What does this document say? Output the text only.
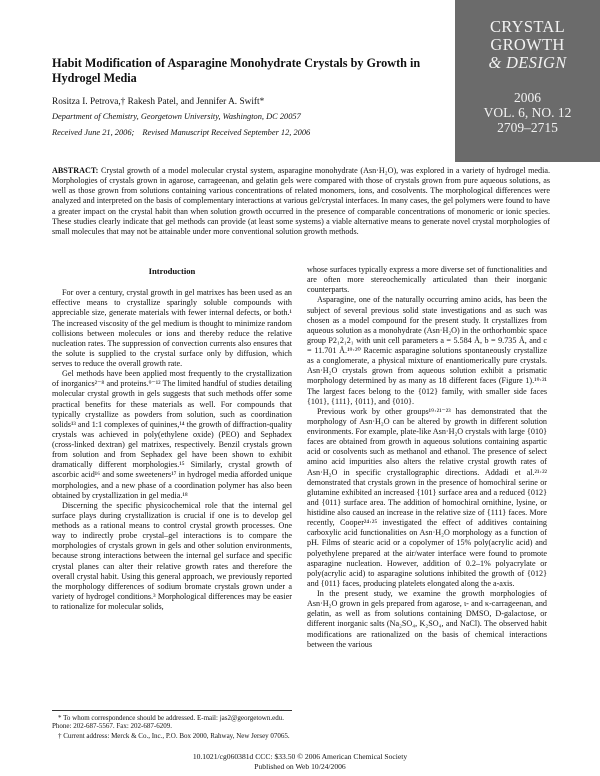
CRYSTAL
GROWTH
& DESIGN
2006
VOL. 6, NO. 12
2709–2715
Habit Modification of Asparagine Monohydrate Crystals by Growth in Hydrogel Media
Rositza I. Petrova,† Rakesh Patel, and Jennifer A. Swift*
Department of Chemistry, Georgetown University, Washington, DC 20057
Received June 21, 2006; Revised Manuscript Received September 12, 2006
ABSTRACT: Crystal growth of a model molecular crystal system, asparagine monohydrate (Asn·H₂O), was explored in a variety of hydrogel media. Morphologies of crystals grown in agarose, carrageenan, and gelatin gels were compared with those of crystals grown from pure aqueous solutions, as well as those grown from solutions containing various concentrations of related monomers, ions, and cosolvents. The morphological differences were analyzed and interpreted on the basis of complementary interactions at various gel/crystal interfaces. In many cases, the gel polymers were found to have a greater impact on the crystal habit than when solution growth occurred in the presence of comparable concentrations of monomeric or ionic species. These studies clearly indicate that gel methods can provide (at least some systems) a viable alternative means to generate novel crystal morphologies of small molecules that may not be attainable under more conventional solution growth methods.
Introduction

For over a century, crystal growth in gel matrixes has been used as an effective means to crystallize sparingly soluble compounds with appreciable size, generate materials with fewer internal defects, or both.¹ The increased viscosity of the gel medium is thought to minimize random collisions between molecules or ions and thereby reduce the relative nucleation rates. The suppression of convection currents also ensures that the solute is supplied to the crystal surface only by diffusion, which serves to reduce the overall growth rate.

Gel methods have been applied most frequently to the crystallization of inorganics²⁻⁸ and proteins.⁹⁻¹² The limited handful of studies detailing molecular crystal growth in gels suggests that such methods offer some practical benefits for these materials as well. For compounds that typically crystallize as powders from solution, such as coordination solids¹³ and 1:1 complexes of quinines,¹⁴ the growth of diffraction-quality crystals was achieved in poly(ethylene oxide) (PEO) and Sephadex (cross-linked dextran) gel matrixes, respectively. Benzil crystals grown from solution and from Sephadex gel have been shown to exhibit dramatically different morphologies.¹⁵ Similarly, crystal growth of ascorbic acid¹⁶ and some sweeteners¹⁷ in hydrogel media afforded unique morphologies, and a new phase of a coordination polymer has also been obtained by crystallization in gel media.¹⁸

Discerning the specific physicochemical role that the internal gel surface plays during crystallization is crucial if one is to develop gel methods as a rational means to control crystal growth processes. One way to indirectly probe crystal–gel interactions is to compare the morphologies of crystals grown in gels and other solution environments, because strong interactions between the internal gel surface and specific crystal planes can alter their relative growth rates and therefore the overall crystal habit. Using this general approach, we previously reported the morphology differences of sodium bromate crystals grown under a variety of hydrogel conditions.³ Morphological differences may be easier to rationalize for molecular solids,

whose surfaces typically express a more diverse set of functionalities and are often more stereochemically articulated than their inorganic counterparts.

Asparagine, one of the naturally occurring amino acids, has been the subject of several previous solid state investigations and as such was chosen as a model compound for the present study. It crystallizes from aqueous solution as a monohydrate (Asn·H₂O) in the orthorhombic space group P2₁2₁2₁ with unit cell parameters a = 5.584 Å, b = 9.735 Å, and c = 11.701 Å.¹⁹·²⁰ Racemic asparagine solutions spontaneously crystallize as a conglomerate, a physical mixture of enantiomerically pure crystals. Asn·H₂O crystals grown from aqueous solution exhibit a prismatic morphology determined by as many as 18 different faces (Figure 1).¹⁹·²¹ The largest faces belong to the {012} family, with smaller side faces {101}, {111}, {011}, and {010}.

Previous work by other groups¹⁹·²¹⁻²³ has demonstrated that the morphology of Asn·H₂O can be altered by growth in different solution environments. For example, plate-like Asn·H₂O crystals with large {010} faces are obtained from growth in aqueous solutions containing aspartic acid or cosolvents such as methanol and ethanol. The presence of select amino acid impurities also alters the relative crystal growth rates of Asn·H₂O in specific crystallographic directions. Addadi et al.²¹·²² demonstrated that crystals grown in the presence of homochiral serine or glutamine exhibited an increased {101} surface area and a reduced {012} and {011} surface area. The addition of homochiral ornithine, lysine, or histidine also caused an increase in the relative size of {111} faces. More recently, Cooper²⁴·²⁵ investigated the effect of additives containing carboxylic acid functionalities on Asn·H₂O morphology as a function of pH. Films of stearic acid or a copolymer of 15% poly(acrylic acid) and polyethylene prepared at the air/water interface were found to promote asparagine nucleation. However, addition of 0.2–1% polyacrylate or poly(acrylic acid) to asparagine solutions inhibited the growth of {012} and {011} faces, producing platelets elongated along the a-axis.

In the present study, we examine the growth morphologies of Asn·H₂O grown in gels prepared from agarose, ι- and κ-carrageenan, and gelatin, as well as from solutions containing DMSO, D-galactose, or different inorganic salts (Na₂SO₄, K₂SO₄, and NaCl). The observed habit modifications are rationalized on the basis of chemical interactions between the various

* To whom correspondence should be addressed. E-mail: jas2@georgetown.edu. Phone: 202-687-5567. Fax: 202-687-6209.

† Current address: Merck & Co., Inc., P.O. Box 2000, Rahway, New Jersey 07065.

10.1021/cg060381d CCC: $33.50 © 2006 American Chemical Society
Published on Web 10/24/2006
